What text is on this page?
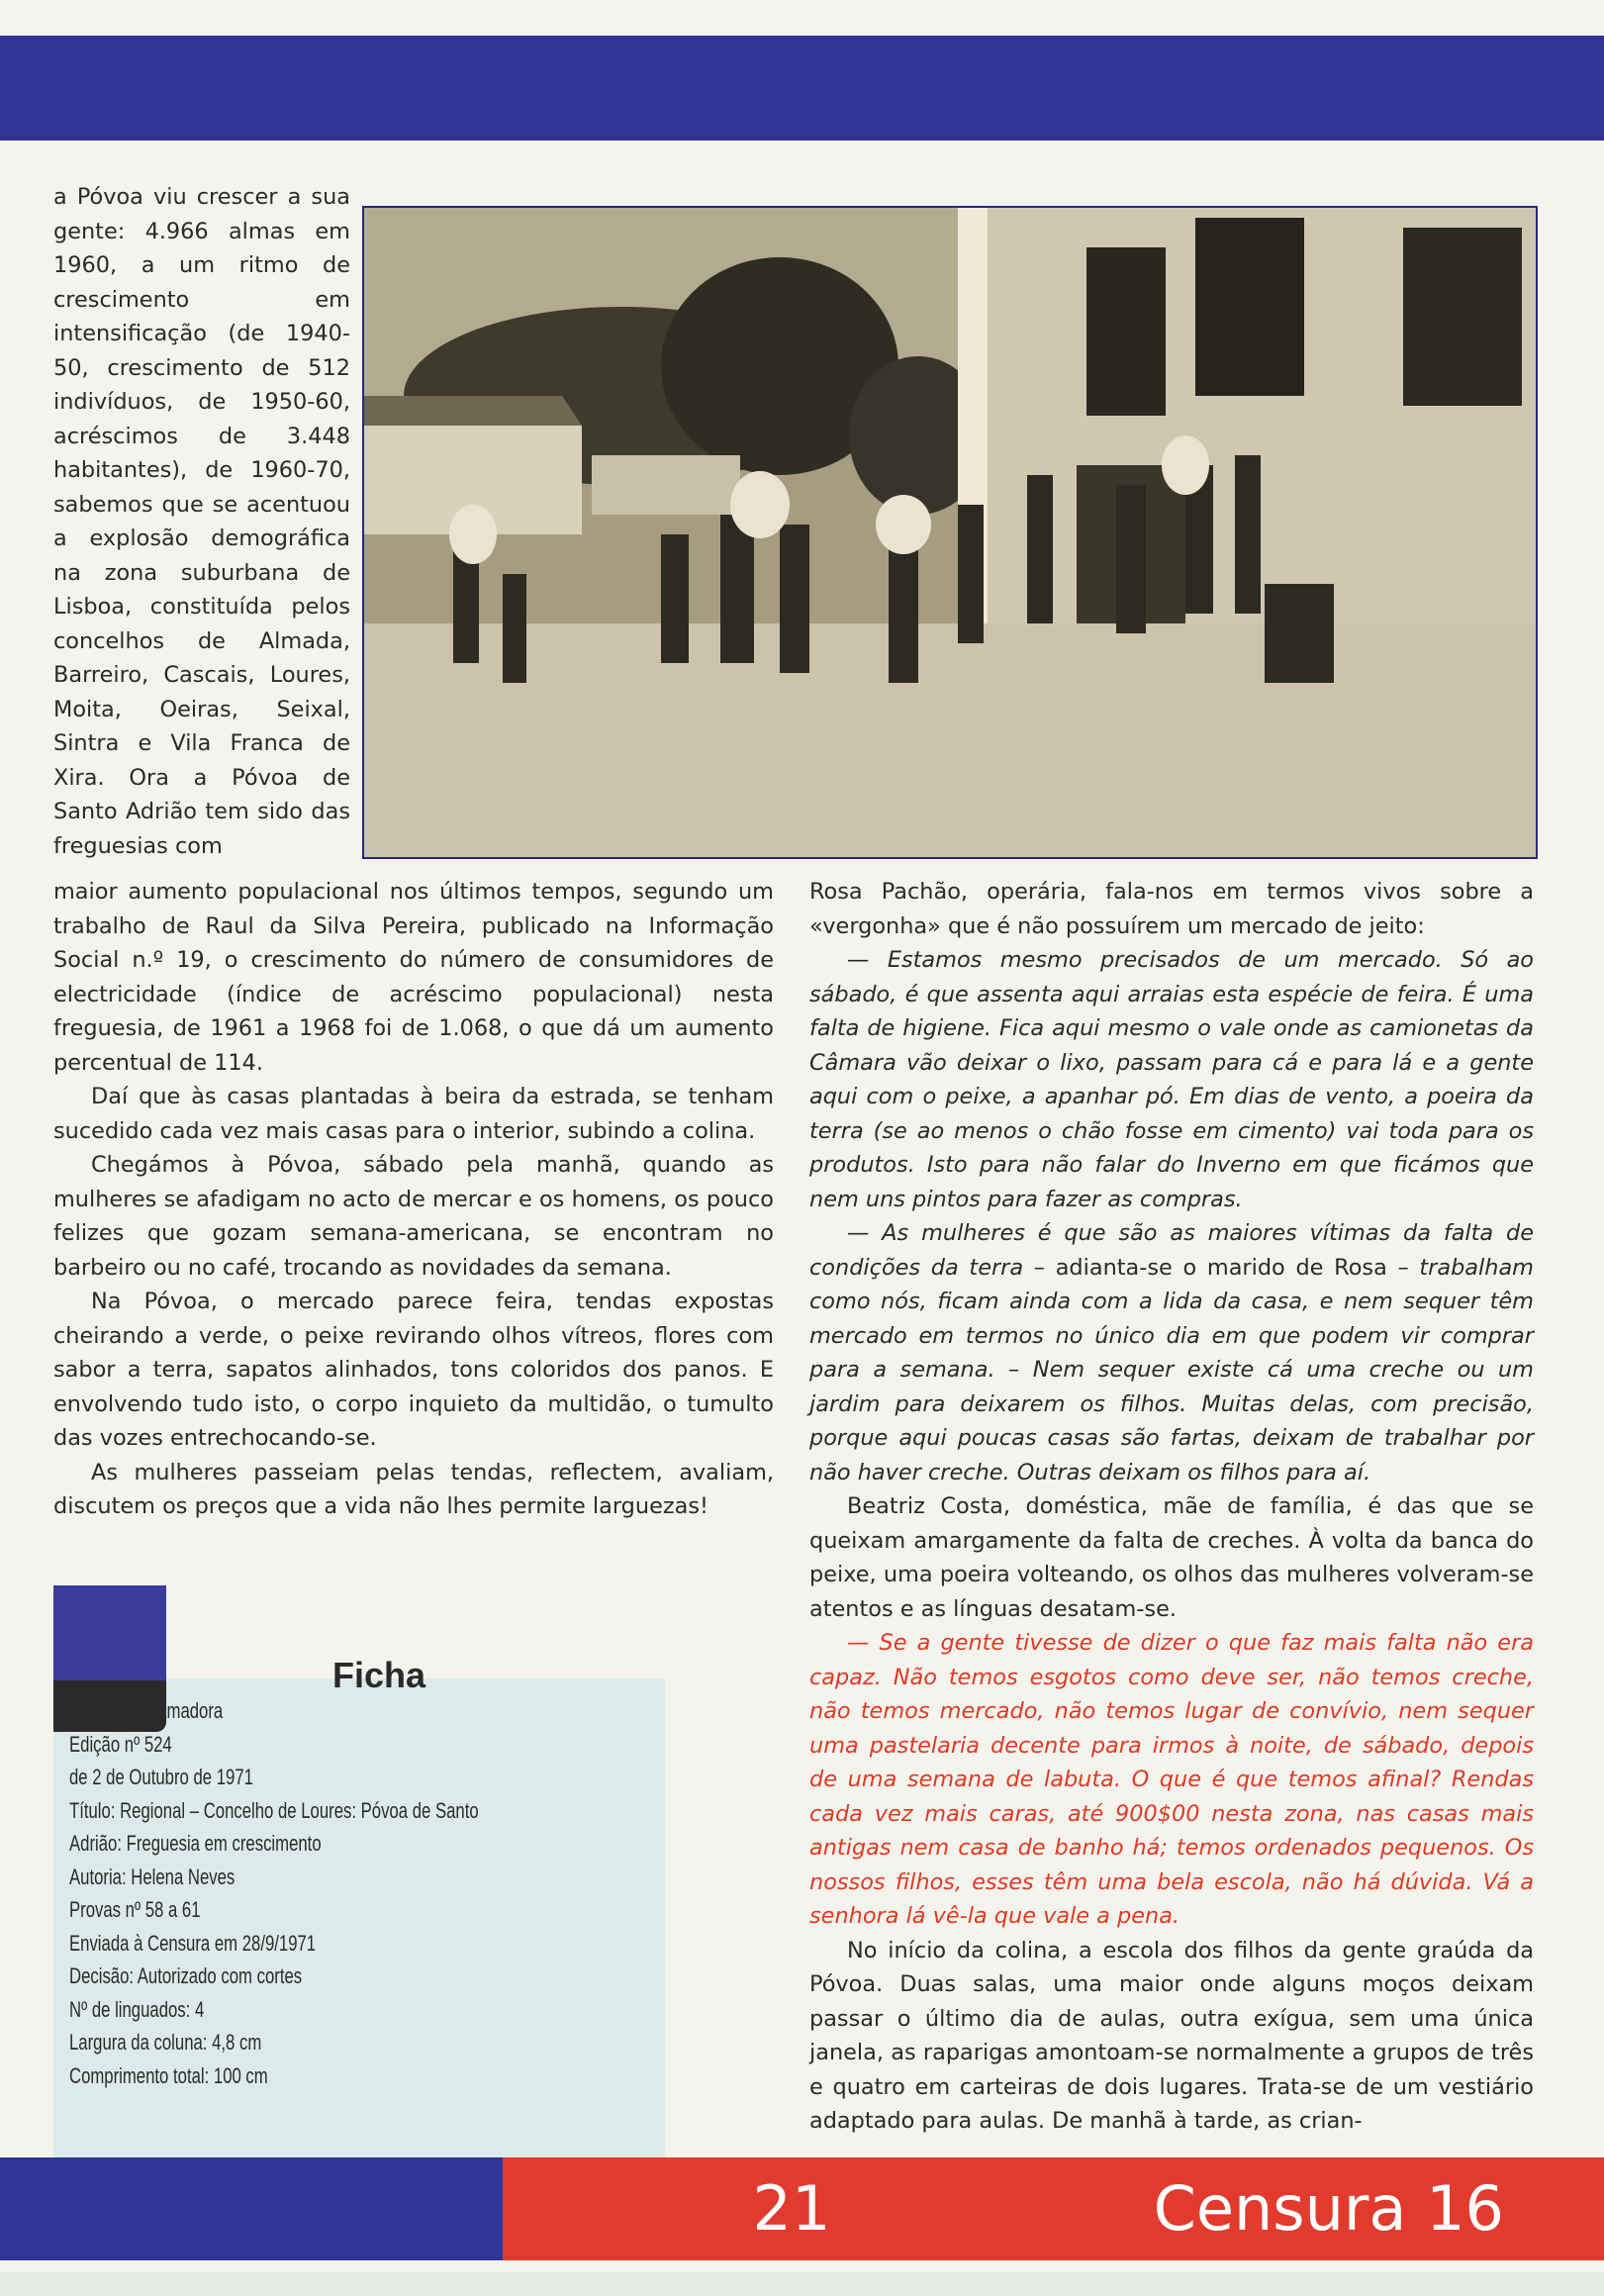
a Póvoa viu crescer a sua gente: 4.966 almas em 1960, a um ritmo de crescimento em intensificação (de 1940-50, crescimento de 512 indivíduos, de 1950-60, acréscimos de 3.448 habitantes), de 1960-70, sabemos que se acentuou a explosão demográfica na zona suburbana de Lisboa, constituída pelos concelhos de Almada, Barreiro, Cascais, Loures, Moita, Oeiras, Seixal, Sintra e Vila Franca de Xira. Ora a Póvoa de Santo Adrião tem sido das freguesias com

maior aumento populacional nos últimos tempos, segundo um trabalho de Raul da Silva Pereira, publicado na Informação Social n.º 19, o crescimento do número de consumidores de electricidade (índice de acréscimo populacional) nesta freguesia, de 1961 a 1968 foi de 1.068, o que dá um aumento percentual de 114.

Daí que às casas plantadas à beira da estrada, se tenham sucedido cada vez mais casas para o interior, subindo a colina.

Chegámos à Póvoa, sábado pela manhã, quando as mulheres se afadigam no acto de mercar e os homens, os pouco felizes que gozam semana-americana, se encontram no barbeiro ou no café, trocando as novidades da semana.

Na Póvoa, o mercado parece feira, tendas expostas cheirando a verde, o peixe revirando olhos vítreos, flores com sabor a terra, sapatos alinhados, tons coloridos dos panos. E envolvendo tudo isto, o corpo inquieto da multidão, o tumulto das vozes entrechocando-se.

As mulheres passeiam pelas tendas, reflectem, avaliam, discutem os preços que a vida não lhes permite larguezas!

Rosa Pachão, operária, fala-nos em termos vivos sobre a «vergonha» que é não possuírem um mercado de jeito:

— Estamos mesmo precisados de um mercado. Só ao sábado, é que assenta aqui arraias esta espécie de feira. É uma falta de higiene. Fica aqui mesmo o vale onde as camionetas da Câmara vão deixar o lixo, passam para cá e para lá e a gente aqui com o peixe, a apanhar pó. Em dias de vento, a poeira da terra (se ao menos o chão fosse em cimento) vai toda para os produtos. Isto para não falar do Inverno em que ficámos que nem uns pintos para fazer as compras.

— As mulheres é que são as maiores vítimas da falta de condições da terra – adianta-se o marido de Rosa – trabalham como nós, ficam ainda com a lida da casa, e nem sequer têm mercado em termos no único dia em que podem vir comprar para a semana. – Nem sequer existe cá uma creche ou um jardim para deixarem os filhos. Muitas delas, com precisão, porque aqui poucas casas são fartas, deixam de trabalhar por não haver creche. Outras deixam os filhos para aí.

Beatriz Costa, doméstica, mãe de família, é das que se queixam amargamente da falta de creches. À volta da banca do peixe, uma poeira volteando, os olhos das mulheres volveram-se atentos e as línguas desatam-se.

— Se a gente tivesse de dizer o que faz mais falta não era capaz. Não temos esgotos como deve ser, não temos creche, não temos mercado, não temos lugar de convívio, nem sequer uma pastelaria decente para irmos à noite, de sábado, depois de uma semana de labuta. O que é que temos afinal? Rendas cada vez mais caras, até 900$00 nesta zona, nas casas mais antigas nem casa de banho há; temos ordenados pequenos. Os nossos filhos, esses têm uma bela escola, não há dúvida. Vá a senhora lá vê-la que vale a pena.

No início da colina, a escola dos filhos da gente graúda da Póvoa. Duas salas, uma maior onde alguns moços deixam passar o último dia de aulas, outra exígua, sem uma única janela, as raparigas amontoam-se normalmente a grupos de três e quatro em carteiras de dois lugares. Trata-se de um vestiário adaptado para aulas. De manhã à tarde, as crian-

Ficha
Notícias da Amadora
Edição nº 524
de 2 de Outubro de 1971
Título: Regional – Concelho de Loures: Póvoa de Santo
Adrião: Freguesia em crescimento
Autoria: Helena Neves
Provas nº 58 a 61
Enviada à Censura em 28/9/1971
Decisão: Autorizado com cortes
Nº de linguados: 4
Largura da coluna: 4,8 cm
Comprimento total: 100 cm
21	Censura 16
